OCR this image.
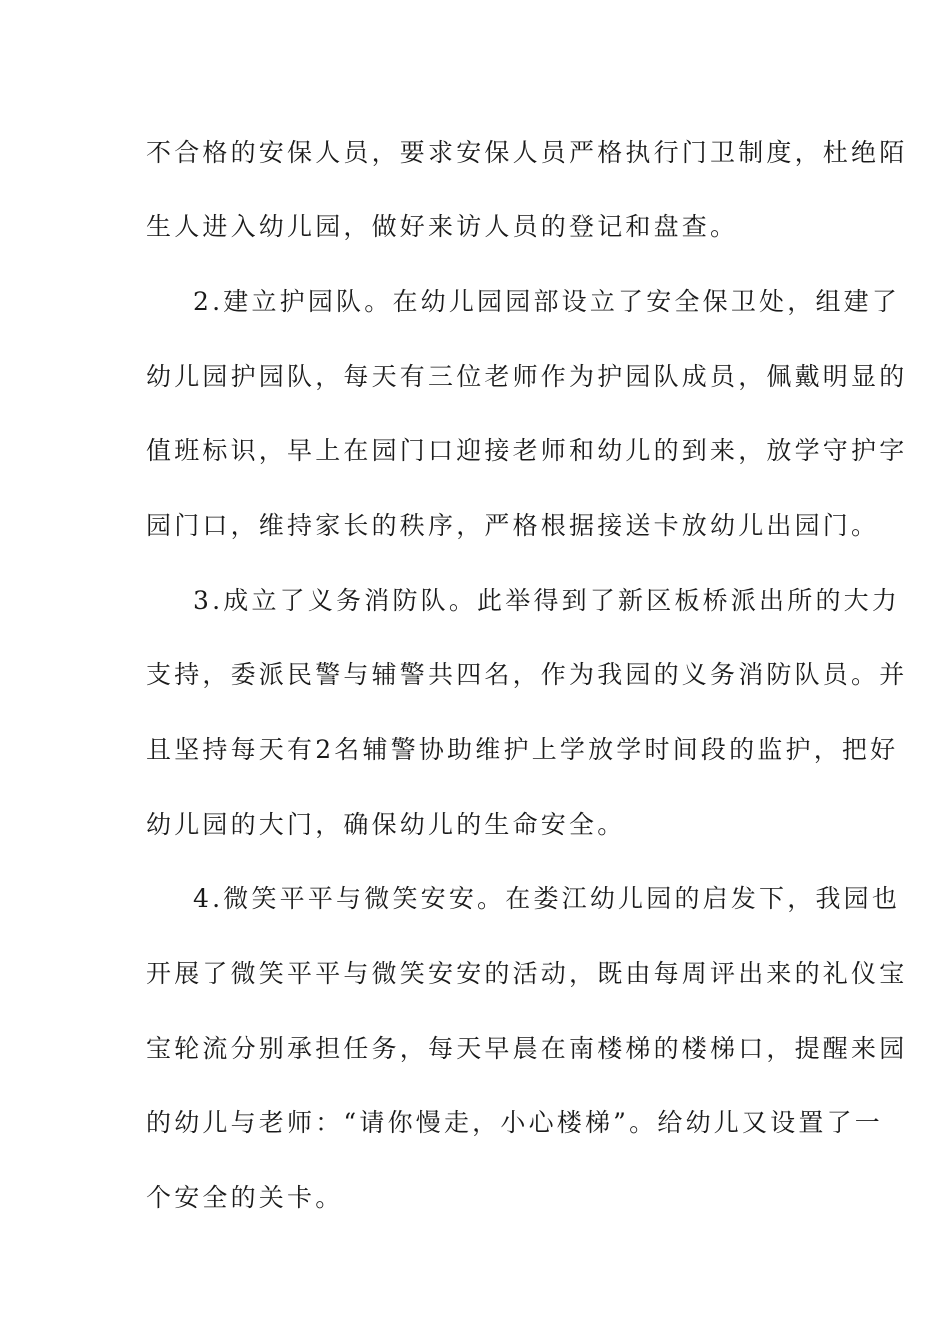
不合格的安保人员，要求安保人员严格执行门卫制度，杜绝陌
生人进入幼儿园，做好来访人员的登记和盘查。
2.建立护园队。在幼儿园园部设立了安全保卫处，组建了
幼儿园护园队，每天有三位老师作为护园队成员，佩戴明显的
值班标识，早上在园门口迎接老师和幼儿的到来，放学守护字
园门口，维持家长的秩序，严格根据接送卡放幼儿出园门。
3.成立了义务消防队。此举得到了新区板桥派出所的大力
支持，委派民警与辅警共四名，作为我园的义务消防队员。并
且坚持每天有2名辅警协助维护上学放学时间段的监护，把好
幼儿园的大门，确保幼儿的生命安全。
4.微笑平平与微笑安安。在娄江幼儿园的启发下，我园也
开展了微笑平平与微笑安安的活动，既由每周评出来的礼仪宝
宝轮流分别承担任务，每天早晨在南楼梯的楼梯口，提醒来园
的幼儿与老师：“请你慢走，小心楼梯”。给幼儿又设置了一
个安全的关卡。
